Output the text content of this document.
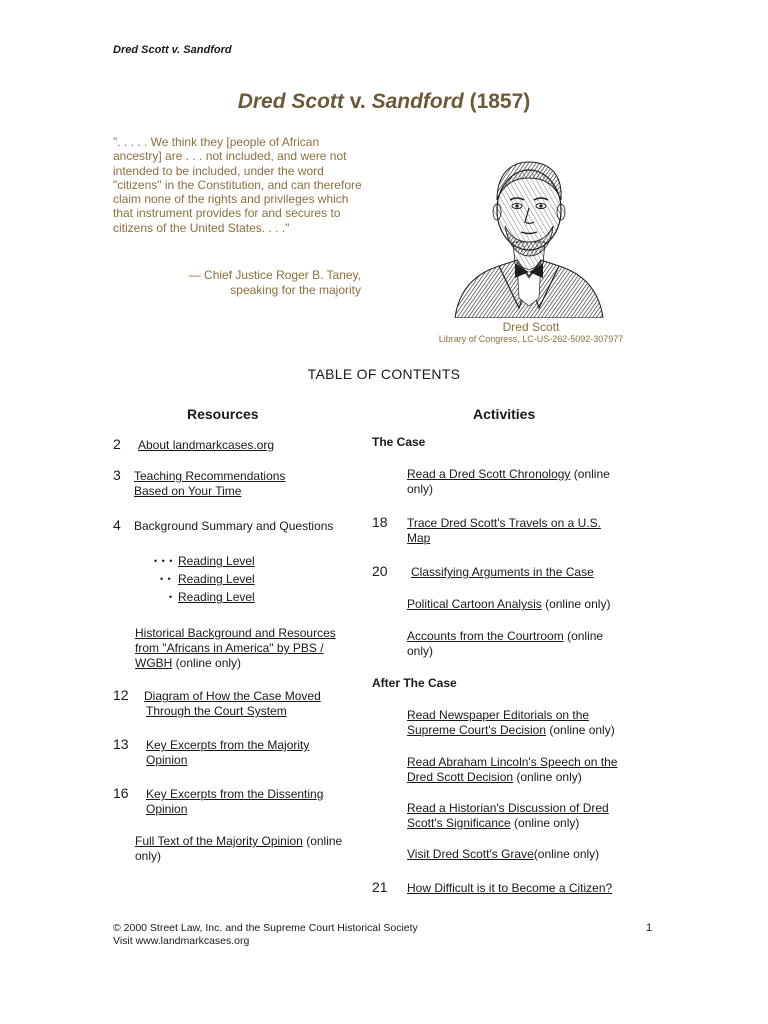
Dred Scott v. Sandford
Dred Scott v. Sandford (1857)
". . . . . We think they [people of African ancestry] are . . . not included, and were not intended to be included, under the word "citizens" in the Constitution, and can therefore claim none of the rights and privileges which that instrument provides for and secures to citizens of the United States. . . ."
— Chief Justice Roger B. Taney,
speaking for the majority
Dred Scott
Library of Congress, LC-US-262-5092-307977
TABLE OF CONTENTS
Resources	Activities
2 About landmarkcases.org
3 Teaching Recommendations
Based on Your Time
4 Background Summary and Questions
• • • Reading Level
• • Reading Level
• Reading Level
Historical Background and Resources
from "Africans in America" by PBS /
WGBH (online only)
12 Diagram of How the Case Moved
Through the Court System
13 Key Excerpts from the Majority
Opinion
16 Key Excerpts from the Dissenting
Opinion
Full Text of the Majority Opinion (online
only)
The Case
Read a Dred Scott Chronology (online
only)
18 Trace Dred Scott's Travels on a U.S.
Map
20 Classifying Arguments in the Case
Political Cartoon Analysis (online only)
Accounts from the Courtroom (online
only)
After The Case
Read Newspaper Editorials on the
Supreme Court's Decision (online only)
Read Abraham Lincoln's Speech on the
Dred Scott Decision (online only)
Read a Historian's Discussion of Dred
Scott's Significance (online only)
Visit Dred Scott's Grave(online only)
21 How Difficult is it to Become a Citizen?
© 2000 Street Law, Inc. and the Supreme Court Historical Society
Visit www.landmarkcases.org
1
